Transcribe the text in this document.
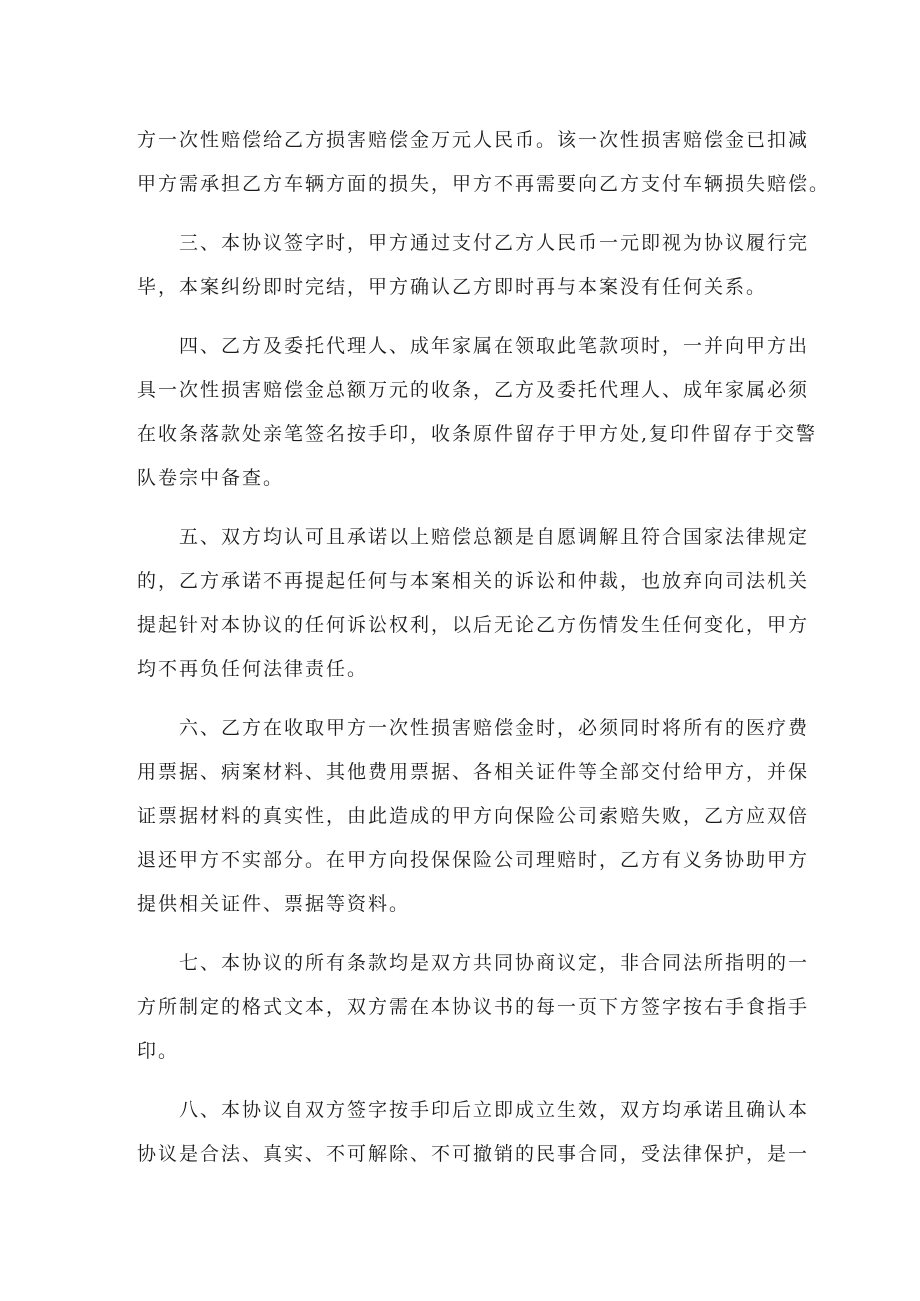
方一次性赔偿给乙方损害赔偿金万元人民币。该一次性损害赔偿金已扣减
甲方需承担乙方车辆方面的损失，甲方不再需要向乙方支付车辆损失赔偿。
三、本协议签字时，甲方通过支付乙方人民币一元即视为协议履行完
毕，本案纠纷即时完结，甲方确认乙方即时再与本案没有任何关系。
四、乙方及委托代理人、成年家属在领取此笔款项时，一并向甲方出
具一次性损害赔偿金总额万元的收条，乙方及委托代理人、成年家属必须
在收条落款处亲笔签名按手印，收条原件留存于甲方处,复印件留存于交警
队卷宗中备查。
五、双方均认可且承诺以上赔偿总额是自愿调解且符合国家法律规定
的，乙方承诺不再提起任何与本案相关的诉讼和仲裁，也放弃向司法机关
提起针对本协议的任何诉讼权利，以后无论乙方伤情发生任何变化，甲方
均不再负任何法律责任。
六、乙方在收取甲方一次性损害赔偿金时，必须同时将所有的医疗费
用票据、病案材料、其他费用票据、各相关证件等全部交付给甲方，并保
证票据材料的真实性，由此造成的甲方向保险公司索赔失败，乙方应双倍
退还甲方不实部分。在甲方向投保保险公司理赔时，乙方有义务协助甲方
提供相关证件、票据等资料。
七、本协议的所有条款均是双方共同协商议定，非合同法所指明的一
方所制定的格式文本，双方需在本协议书的每一页下方签字按右手食指手
印。
八、本协议自双方签字按手印后立即成立生效，双方均承诺且确认本
协议是合法、真实、不可解除、不可撤销的民事合同，受法律保护，是一
